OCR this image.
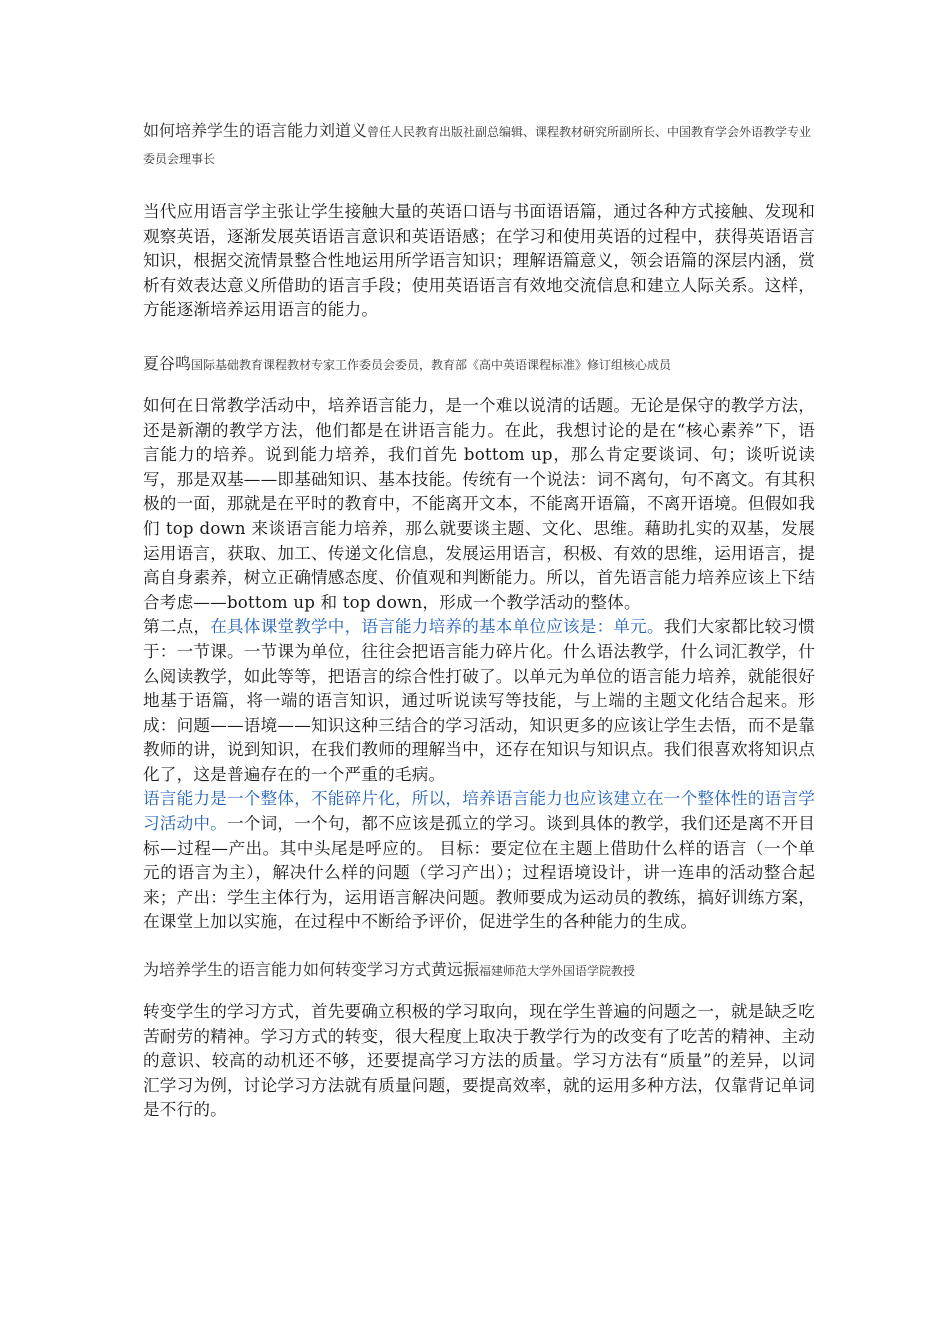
如何培养学生的语言能力刘道义曾任人民教育出版社副总编辑、课程教材研究所副所长、中国教育学会外语教学专业委员会理事长

当代应用语言学主张让学生接触大量的英语口语与书面语语篇，通过各种方式接触、发现和观察英语，逐渐发展英语语言意识和英语语感；在学习和使用英语的过程中，获得英语语言知识，根据交流情景整合性地运用所学语言知识；理解语篇意义，领会语篇的深层内涵，赏析有效表达意义所借助的语言手段；使用英语语言有效地交流信息和建立人际关系。这样，方能逐渐培养运用语言的能力。

夏谷鸣国际基础教育课程教材专家工作委员会委员，教育部《高中英语课程标准》修订组核心成员

如何在日常教学活动中，培养语言能力，是一个难以说清的话题。无论是保守的教学方法，还是新潮的教学方法，他们都是在讲语言能力。在此，我想讨论的是在“核心素养”下，语言能力的培养。说到能力培养，我们首先 bottom up，那么肯定要谈词、句；谈听说读写，那是双基——即基础知识、基本技能。传统有一个说法：词不离句，句不离文。有其积极的一面，那就是在平时的教育中，不能离开文本，不能离开语篇，不离开语境。但假如我们 top down 来谈语言能力培养，那么就要谈主题、文化、思维。藉助扎实的双基，发展运用语言，获取、加工、传递文化信息，发展运用语言，积极、有效的思维，运用语言，提高自身素养，树立正确情感态度、价值观和判断能力。所以，首先语言能力培养应该上下结合考虑——bottom up 和 top down，形成一个教学活动的整体。

第二点，在具体课堂教学中，语言能力培养的基本单位应该是：单元。我们大家都比较习惯于：一节课。一节课为单位，往往会把语言能力碎片化。什么语法教学，什么词汇教学，什么阅读教学，如此等等，把语言的综合性打破了。以单元为单位的语言能力培养，就能很好地基于语篇，将一端的语言知识，通过听说读写等技能，与上端的主题文化结合起来。形成：问题——语境——知识这种三结合的学习活动，知识更多的应该让学生去悟，而不是靠教师的讲，说到知识，在我们教师的理解当中，还存在知识与知识点。我们很喜欢将知识点化了，这是普遍存在的一个严重的毛病。

语言能力是一个整体，不能碎片化，所以，培养语言能力也应该建立在一个整体性的语言学习活动中。一个词，一个句，都不应该是孤立的学习。谈到具体的教学，我们还是离不开目标—过程—产出。其中头尾是呼应的。 目标：要定位在主题上借助什么样的语言（一个单元的语言为主），解决什么样的问题（学习产出）；过程语境设计，讲一连串的活动整合起来；产出：学生主体行为，运用语言解决问题。教师要成为运动员的教练，搞好训练方案，在课堂上加以实施，在过程中不断给予评价，促进学生的各种能力的生成。

为培养学生的语言能力如何转变学习方式黄远振福建师范大学外国语学院教授

转变学生的学习方式，首先要确立积极的学习取向，现在学生普遍的问题之一，就是缺乏吃苦耐劳的精神。学习方式的转变，很大程度上取决于教学行为的改变有了吃苦的精神、主动的意识、较高的动机还不够，还要提高学习方法的质量。学习方法有“质量”的差异，以词汇学习为例，讨论学习方法就有质量问题，要提高效率，就的运用多种方法，仅靠背记单词是不行的。
